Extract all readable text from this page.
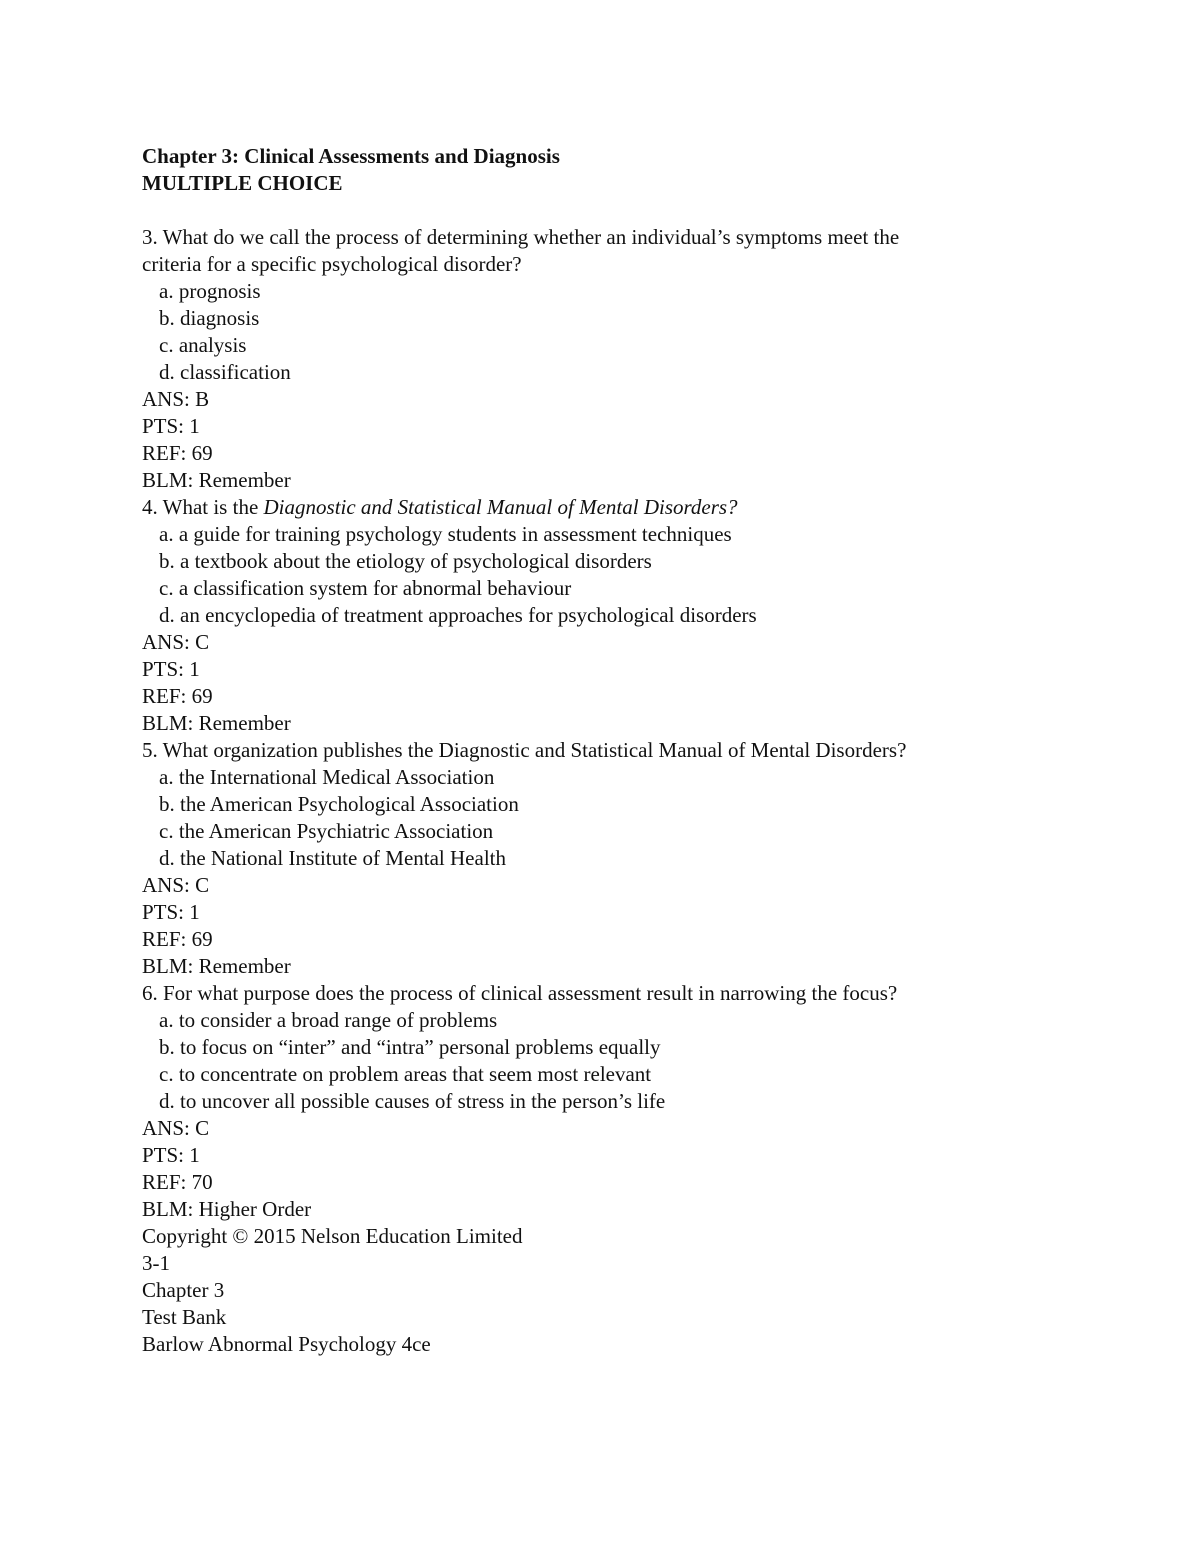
Chapter 3: Clinical Assessments and Diagnosis
MULTIPLE CHOICE
3. What do we call the process of determining whether an individual’s symptoms meet the
criteria for a specific psychological disorder?
a. prognosis
b. diagnosis
c. analysis
d. classification
ANS: B
PTS: 1
REF: 69
BLM: Remember
4. What is the Diagnostic and Statistical Manual of Mental Disorders?
a. a guide for training psychology students in assessment techniques
b. a textbook about the etiology of psychological disorders
c. a classification system for abnormal behaviour
d. an encyclopedia of treatment approaches for psychological disorders
ANS: C
PTS: 1
REF: 69
BLM: Remember
5. What organization publishes the Diagnostic and Statistical Manual of Mental Disorders?
a. the International Medical Association
b. the American Psychological Association
c. the American Psychiatric Association
d. the National Institute of Mental Health
ANS: C
PTS: 1
REF: 69
BLM: Remember
6. For what purpose does the process of clinical assessment result in narrowing the focus?
a. to consider a broad range of problems
b. to focus on “inter” and “intra” personal problems equally
c. to concentrate on problem areas that seem most relevant
d. to uncover all possible causes of stress in the person’s life
ANS: C
PTS: 1
REF: 70
BLM: Higher Order
Copyright © 2015 Nelson Education Limited
3-1
Chapter 3
Test Bank
Barlow Abnormal Psychology 4ce
